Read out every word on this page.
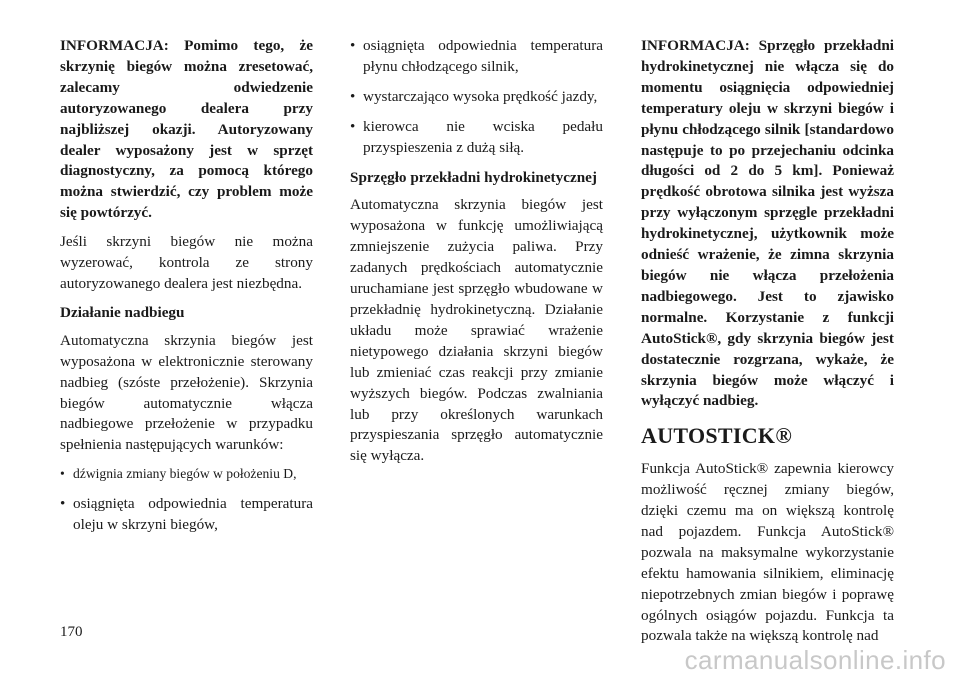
INFORMACJA: Pomimo tego, że skrzynię biegów można zresetować, zalecamy odwiedzenie autoryzowanego dealera przy najbliższej okazji. Autoryzowany dealer wyposażony jest w sprzęt diagnostyczny, za pomocą którego można stwierdzić, czy problem może się powtórzyć.

Jeśli skrzyni biegów nie można wyzerować, kontrola ze strony autoryzowanego dealera jest niezbędna.

Działanie nadbiegu

Automatyczna skrzynia biegów jest wyposażona w elektronicznie sterowany nadbieg (szóste przełożenie). Skrzynia biegów automatycznie włącza nadbiegowe przełożenie w przypadku spełnienia następujących warunków:

• dźwignia zmiany biegów w położeniu D,
• osiągnięta odpowiednia temperatura oleju w skrzyni biegów,
• osiągnięta odpowiednia temperatura płynu chłodzącego silnik,
• wystarczająco wysoka prędkość jazdy,
• kierowca nie wciska pedału przyspieszenia z dużą siłą.
Sprzęgło przekładni hydrokinetycznej

Automatyczna skrzynia biegów jest wyposażona w funkcję umożliwiającą zmniejszenie zużycia paliwa. Przy zadanych prędkościach automatycznie uruchamiane jest sprzęgło wbudowane w przekładnię hydrokinetyczną. Działanie układu może sprawiać wrażenie nietypowego działania skrzyni biegów lub zmieniać czas reakcji przy zmianie wyższych biegów. Podczas zwalniania lub przy określonych warunkach przyspieszania sprzęgło automatycznie się wyłącza.

INFORMACJA: Sprzęgło przekładni hydrokinetycznej nie włącza się do momentu osiągnięcia odpowiedniej temperatury oleju w skrzyni biegów i płynu chłodzącego silnik [standardowo następuje to po przejechaniu odcinka długości od 2 do 5 km]. Ponieważ prędkość obrotowa silnika jest wyższa przy wyłączonym sprzęgle przekładni hydrokinetycznej, użytkownik może odnieść wrażenie, że zimna skrzynia biegów nie włącza przełożenia nadbiegowego. Jest to zjawisko normalne. Korzystanie z funkcji AutoStick®, gdy skrzynia biegów jest dostatecznie rozgrzana, wykaże, że skrzynia biegów może włączyć i wyłączyć nadbieg.

AUTOSTICK®

Funkcja AutoStick® zapewnia kierowcy możliwość ręcznej zmiany biegów, dzięki czemu ma on większą kontrolę nad pojazdem. Funkcja AutoStick® pozwala na maksymalne wykorzystanie efektu hamowania silnikiem, eliminację niepotrzebnych zmian biegów i poprawę ogólnych osiągów pojazdu. Funkcja ta pozwala także na większą kontrolę nad

170
carmanualsonline.info
